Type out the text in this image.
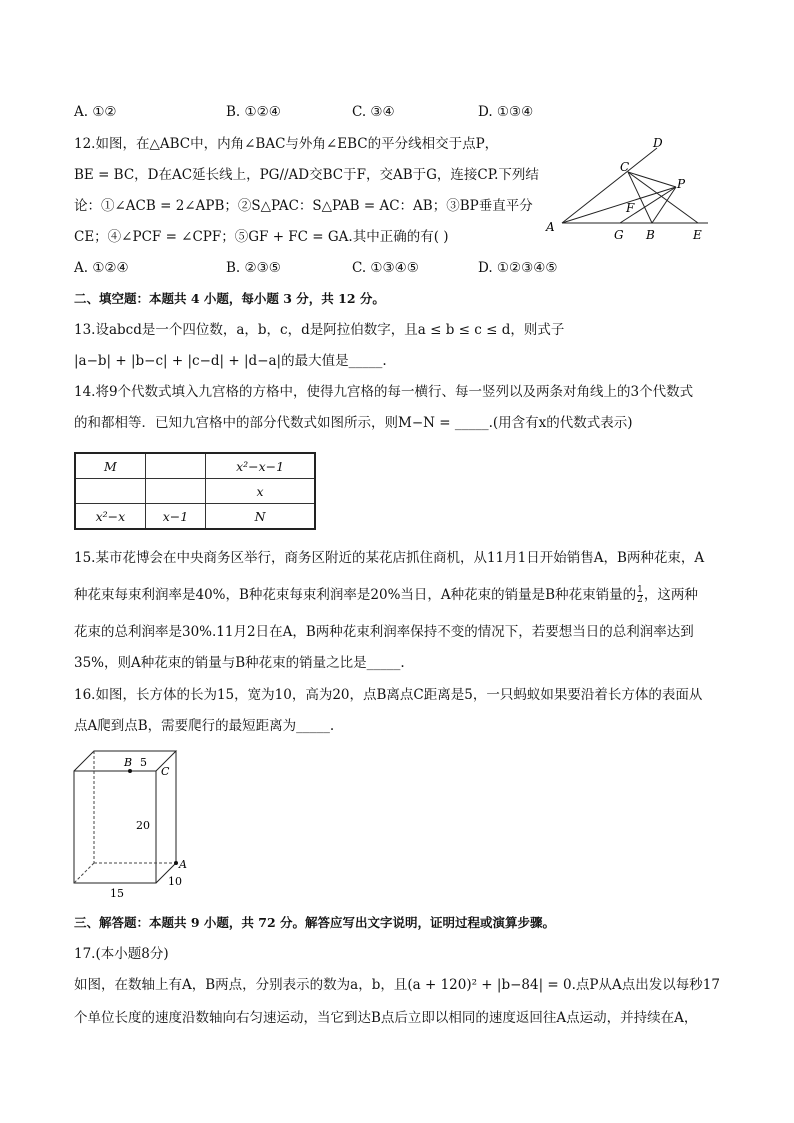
A. ①②	B. ①②④	C. ③④	D. ①③④
12.如图，在△ABC中，内角∠BAC与外角∠EBC的平分线相交于点P，
BE = BC，D在AC延长线上，PG//AD交BC于F，交AB于G，连接CP.下列结
论：①∠ACB = 2∠APB；②S△PAC：S△PAB = AC：AB；③BP垂直平分
CE；④∠PCF = ∠CPF；⑤GF + FC = GA.其中正确的有( )
D
C
P
F
A
G B	E
A. ①②④	B. ②③⑤	C. ①③④⑤	D. ①②③④⑤
二、填空题：本题共 4 小题，每小题 3 分，共 12 分。
13.设abcd是一个四位数，a，b，c，d是阿拉伯数字，且a ≤ b ≤ c ≤ d，则式子
|a−b| + |b−c| + |c−d| + |d−a|的最大值是_____.
14.将9个代数式填入九宫格的方格中，使得九宫格的每一横行、每一竖列以及两条对角线上的3个代数式
的和都相等．已知九宫格中的部分代数式如图所示，则M−N = _____.(用含有x的代数式表示)
M		x²−x−1
		x
x²−x	x−1	N
15.某市花博会在中央商务区举行，商务区附近的某花店抓住商机，从11月1日开始销售A，B两种花束，A
种花束每束利润率是40%，B种花束每束利润率是20%当日，A种花束的销量是B种花束销量的 $\frac{1}{2}$ ，这两种
花束的总利润率是30%.11月2日在A，B两种花束利润率保持不变的情况下，若要想当日的总利润率达到
35%，则A种花束的销量与B种花束的销量之比是_____.
16.如图，长方体的长为15，宽为10，高为20，点B离点C距离是5，一只蚂蚁如果要沿着长方体的表面从
点A爬到点B，需要爬行的最短距离为_____.
B 5
C
20
A
10
15
三、解答题：本题共 9 小题，共 72 分。解答应写出文字说明，证明过程或演算步骤。
17.(本小题8分)
如图，在数轴上有A，B两点，分别表示的数为a，b，且(a + 120)² + |b−84| = 0.点P从A点出发以每秒17
个单位长度的速度沿数轴向右匀速运动，当它到达B点后立即以相同的速度返回往A点运动，并持续在A，
